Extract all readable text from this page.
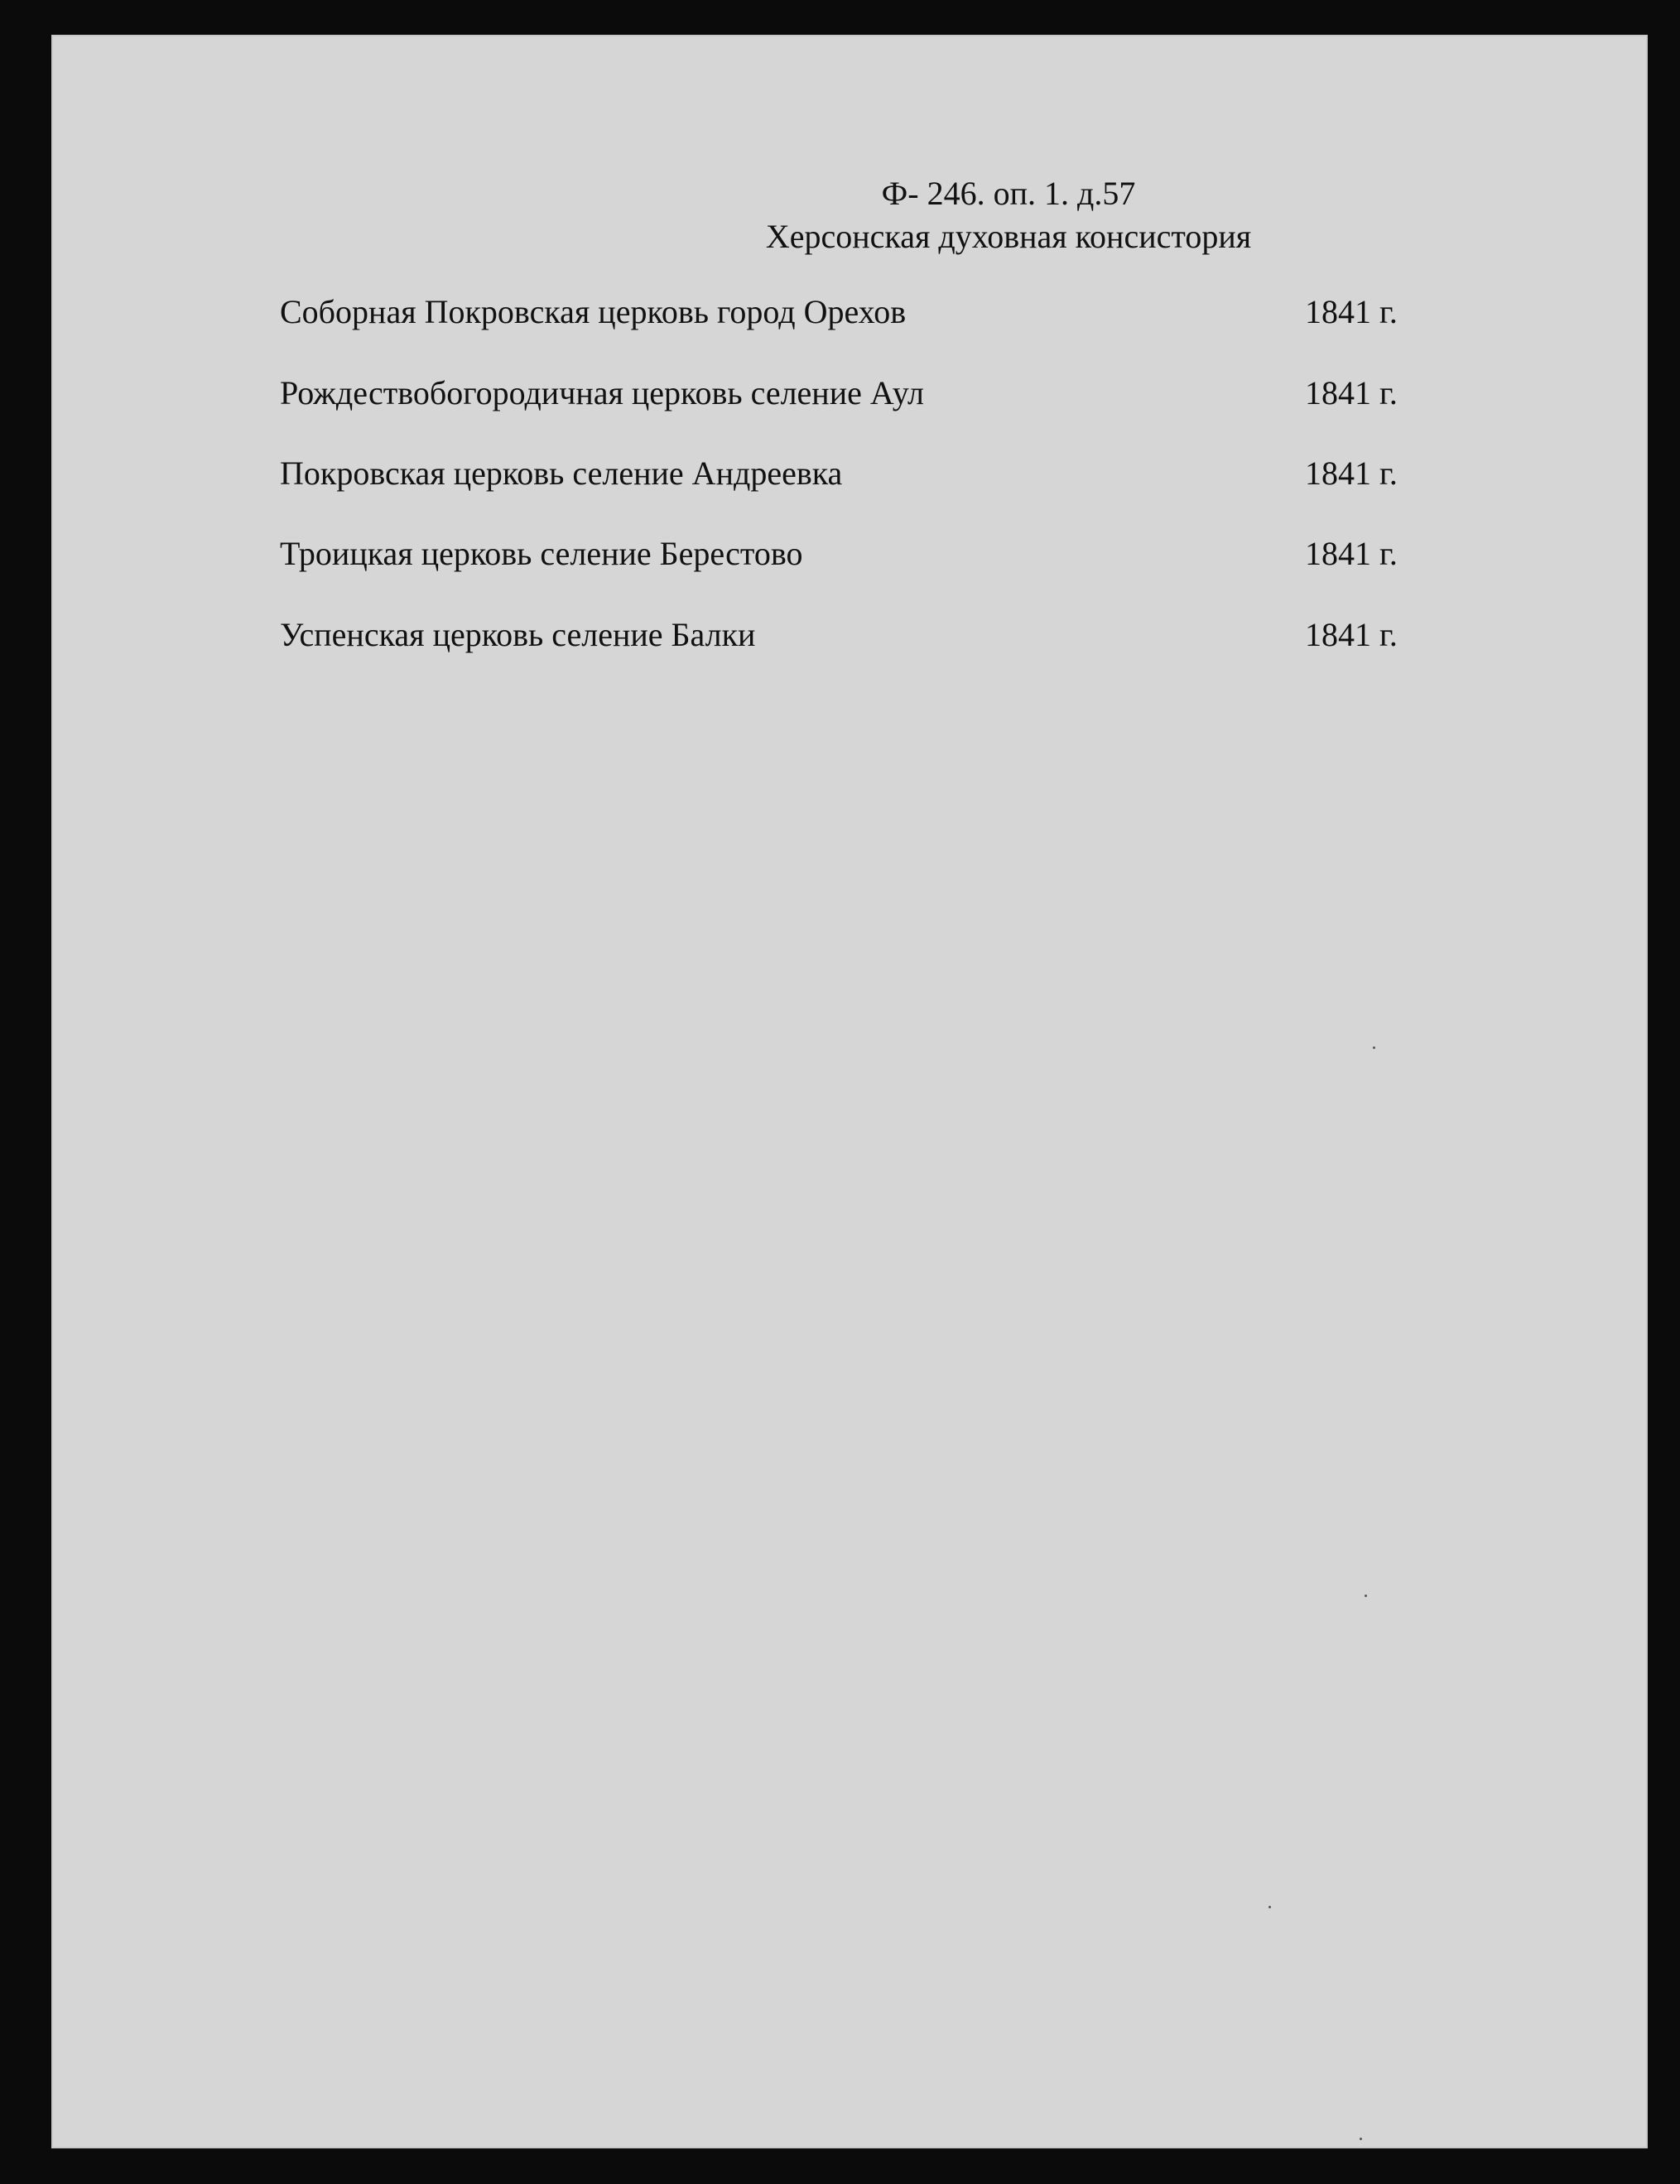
Ф- 246. оп. 1. д.57
Херсонская духовная консистория
Соборная Покровская церковь город Орехов	1841 г.
Рождествобогородичная церковь селение Аул	1841 г.
Покровская церковь селение Андреевка	1841 г.
Троицкая церковь селение Берестово	1841 г.
Успенская церковь селение Балки	1841 г.
